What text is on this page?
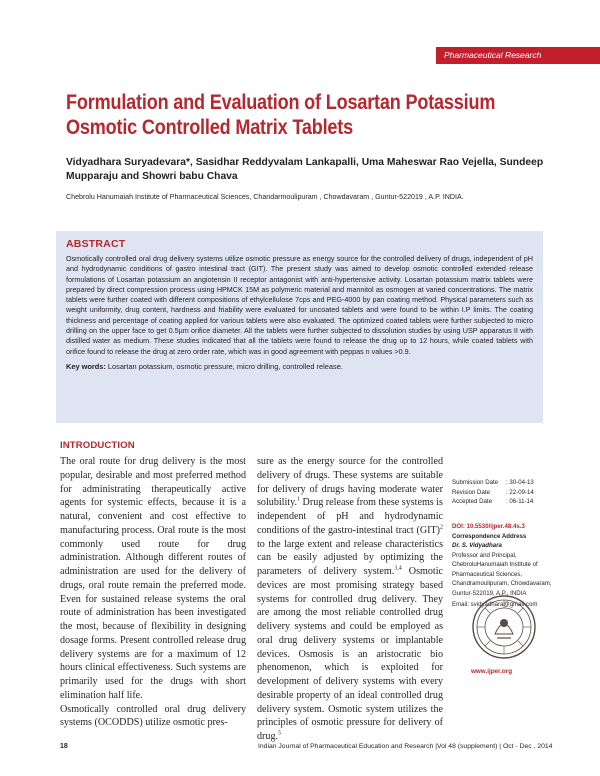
Pharmaceutical Research
Formulation and Evaluation of Losartan Potassium Osmotic Controlled Matrix Tablets
Vidyadhara Suryadevara*, Sasidhar Reddyvalam Lankapalli, Uma Maheswar Rao Vejella, Sundeep Mupparaju and Showri babu Chava
Chebrolu Hanumaiah Institute of Pharmaceutical Sciences, Chandarmoulipuram , Chowdavaram , Guntur-522019 , A.P. INDIA.
ABSTRACT

Osmotically controlled oral drug delivery systems utilize osmotic pressure as energy source for the controlled delivery of drugs, independent of pH and hydrodynamic conditions of gastro intestinal tract (GIT). The present study was aimed to develop osmotic controlled extended release formulations of Losartan potassium an angiotensin II receptor antagonist with anti-hypertensive activity. Losartan potassium matrix tablets were prepared by direct compression process using HPMCK 15M as polymeric material and mannitol as osmogen at varied concentrations. The matrix tablets were further coated with different compositions of ethylcellulose 7cps and PEG-4000 by pan coating method. Physical parameters such as weight uniformity, drug content, hardness and friability were evaluated for uncoated tablets and were found to be within I.P limits. The coating thickness and percentage of coating applied for various tablets were also evaluated. The optimized coated tablets were further subjected to micro drilling on the upper face to get 0.5µm orifice diameter. All the tablets were further subjected to dissolution studies by using USP apparatus II with distilled water as medium. These studies indicated that all the tablets were found to release the drug up to 12 hours, while coated tablets with orifice found to release the drug at zero order rate, which was in good agreement with peppas n values >0.9.

Key words: Losartan potassium, osmotic pressure, micro drilling, controlled release.

INTRODUCTION

The oral route for drug delivery is the most popular, desirable and most preferred method for administrating therapeutically active agents for systemic effects, because it is a natural, convenient and cost effective to manufacturing process. Oral route is the most commonly used route for drug administration. Although different routes of administration are used for the delivery of drugs, oral route remain the preferred mode. Even for sustained release systems the oral route of administration has been investigated the most, because of flexibility in designing dosage forms. Present controlled release drug delivery systems are for a maximum of 12 hours clinical effectiveness. Such systems are primarily used for the drugs with short elimination half life.

Osmotically controlled oral drug delivery systems (OCODDS) utilize osmotic pres-

sure as the energy source for the controlled delivery of drugs. These systems are suitable for delivery of drugs having moderate water solubility.$^1$ Drug release from these systems is independent of pH and hydrodynamic conditions of the gastro-intestinal tract (GIT)$^2$ to the large extent and release characteristics can be easily adjusted by optimizing the parameters of delivery system.$^{3,4}$ Osmotic devices are most promising strategy based systems for controlled drug delivery. They are among the most reliable controlled drug delivery systems and could be employed as oral drug delivery systems or implantable devices. Osmosis is an aristocratic bio phenomenon, which is exploited for development of delivery systems with every desirable property of an ideal controlled drug delivery system. Osmotic system utilizes the principles of osmotic pressure for delivery of drug.$^5$

Submission Date	: 30-04-13
Revision Date	: 22-09-14
Accepted Date	: 06-11-14
DOI: 10.5530/ijper.48.4s.3
Correspondence Address
Dr. S. Vidyadhara
Professor and Principal, ChebroluHanumaiah Institute of Pharmaceutical Sciences, Chandramoulipuram, Chowdavaram, Guntur-522019, A.P., INDIA
Email: svidyadhara@gmail.com
www.ijper.org
18	Indian Journal of Pharmaceutical Education and Research |Vol 48 (supplement) | Oct - Dec , 2014
